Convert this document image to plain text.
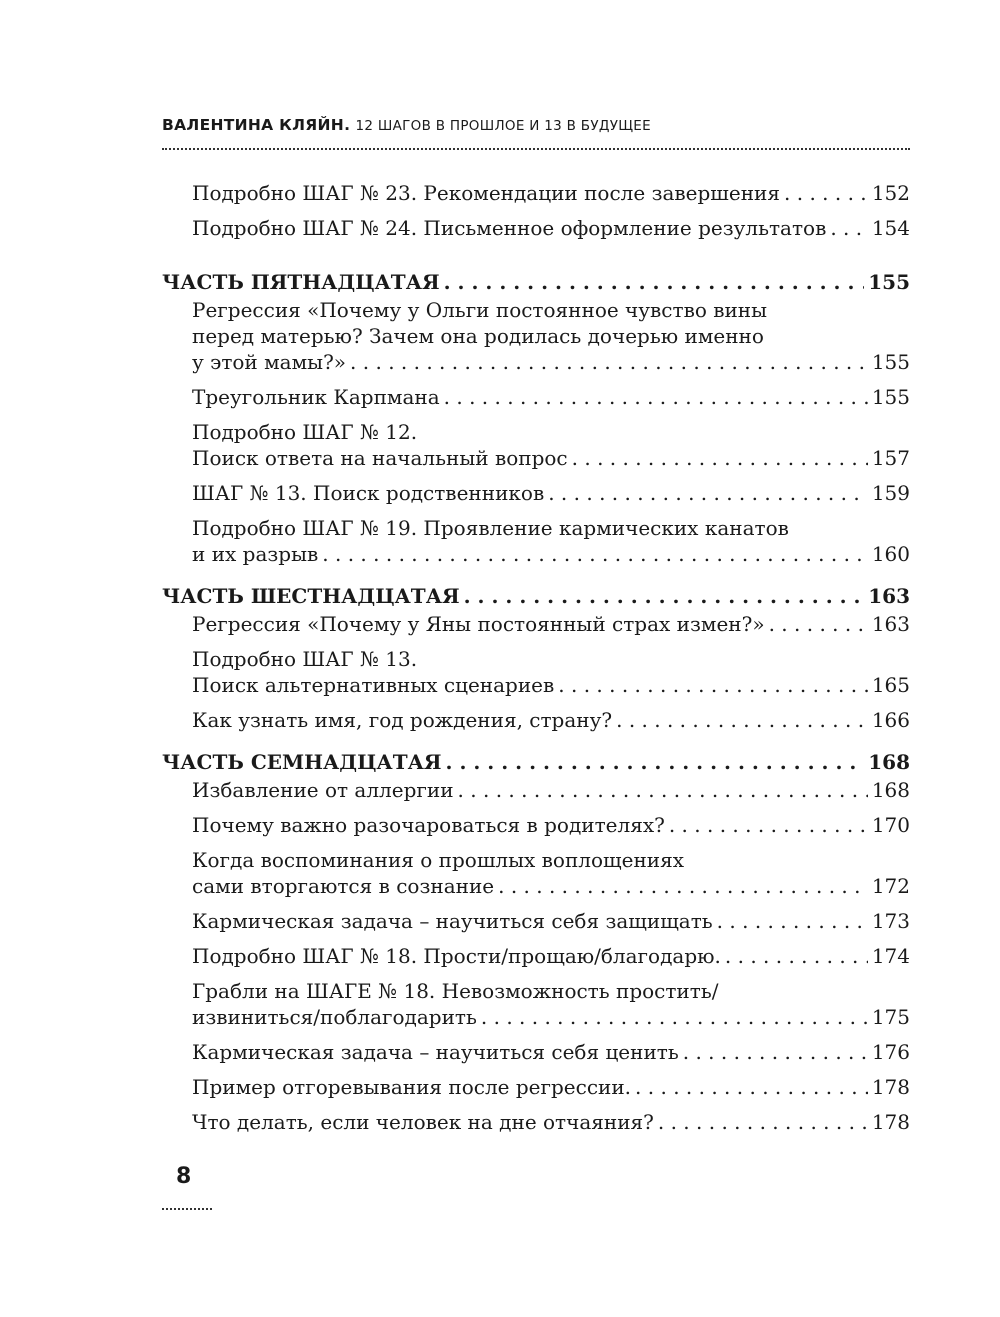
ВАЛЕНТИНА КЛЯЙН. 12 ШАГОВ В ПРОШЛОЕ И 13 В БУДУЩЕЕ
Подробно ШАГ № 23. Рекомендации после завершения . . .	152
Подробно ШАГ № 24. Письменное оформление результатов . . . 154
ЧАСТЬ ПЯТНАДЦАТАЯ . . .	155
Регрессия «Почему у Ольги постоянное чувство вины
перед матерью? Зачем она родилась дочерью именно
у этой мамы?» . . .	155
Треугольник Карпмана . . .	155
Подробно ШАГ № 12.
Поиск ответа на начальный вопрос . . .	157
ШАГ № 13. Поиск родственников . . .	159
Подробно ШАГ № 19. Проявление кармических канатов
и их разрыв . . .	160
ЧАСТЬ ШЕСТНАДЦАТАЯ . . .	163
Регрессия «Почему у Яны постоянный страх измен?» . . .	163
Подробно ШАГ № 13.
Поиск альтернативных сценариев . . .	165
Как узнать имя, год рождения, страну? . . .	166
ЧАСТЬ СЕМНАДЦАТАЯ . . .	168
Избавление от аллергии . . .	168
Почему важно разочароваться в родителях? . . .	170
Когда воспоминания о прошлых воплощениях
сами вторгаются в сознание . . .	172
Кармическая задача – научиться себя защищать . . .	173
Подробно ШАГ № 18. Прости/прощаю/благодарю. . . .	174
Грабли на ШАГЕ № 18. Невозможность простить/
извиниться/поблагодарить . . .	175
Кармическая задача – научиться себя ценить . . .	176
Пример отгоревывания после регрессии. . . .	178
Что делать, если человек на дне отчаяния? . . .	178
8
